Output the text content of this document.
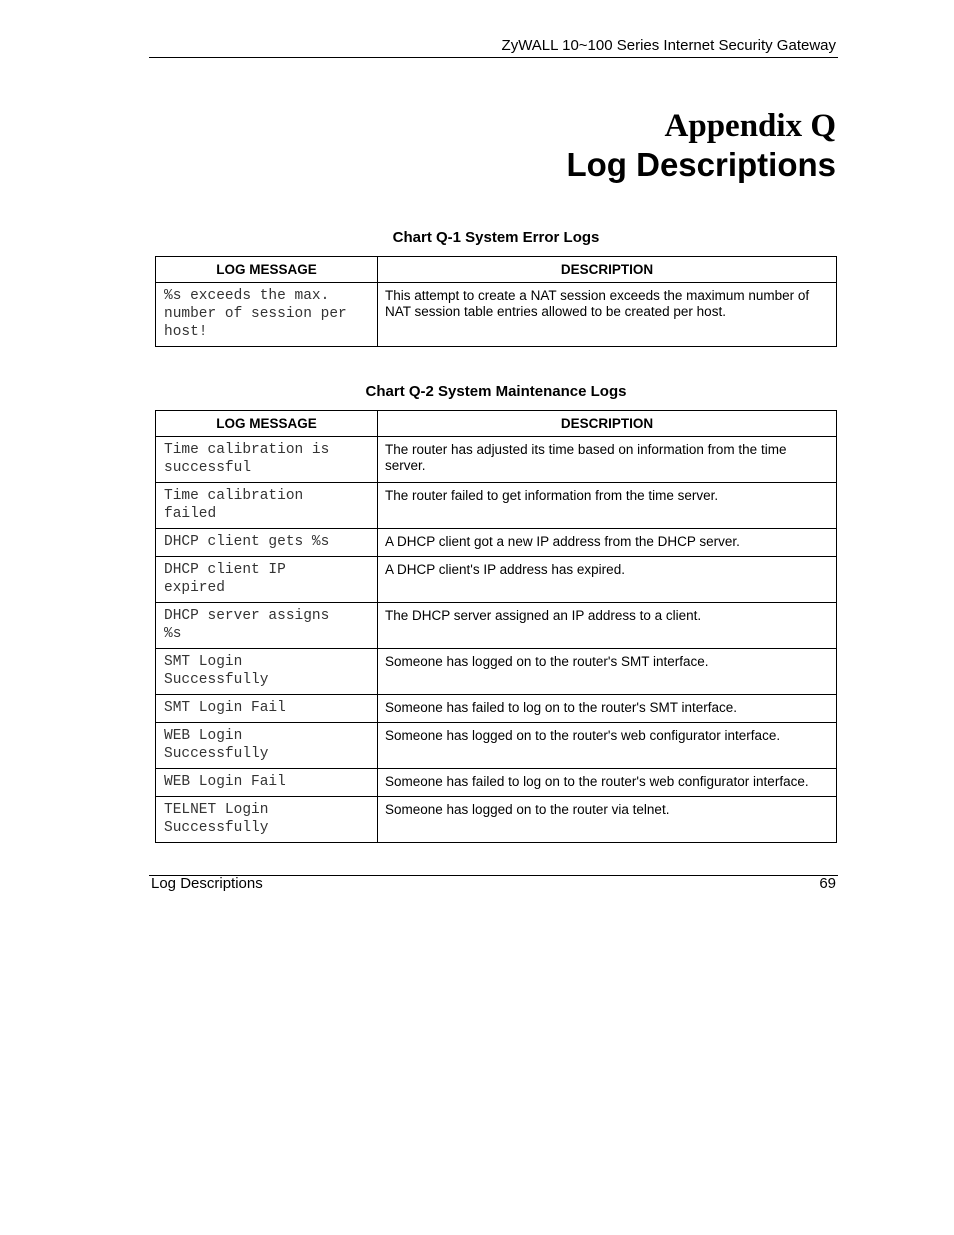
ZyWALL 10~100 Series Internet Security Gateway
Appendix Q
Log Descriptions
Chart Q-1 System Error Logs
LOG MESSAGE	DESCRIPTION
%s exceeds the max.
number of session per
host!	This attempt to create a NAT session exceeds the maximum number of NAT session table entries allowed to be created per host.
Chart Q-2 System Maintenance Logs
LOG MESSAGE	DESCRIPTION
Time calibration is
successful	The router has adjusted its time based on information from the time server.
Time calibration
failed	The router failed to get information from the time server.
DHCP client gets %s	A DHCP client got a new IP address from the DHCP server.
DHCP client IP
expired	A DHCP client's IP address has expired.
DHCP server assigns
%s	The DHCP server assigned an IP address to a client.
SMT Login
Successfully	Someone has logged on to the router's SMT interface.
SMT Login Fail	Someone has failed to log on to the router's SMT interface.
WEB Login
Successfully	Someone has logged on to the router's web configurator interface.
WEB Login Fail	Someone has failed to log on to the router's web configurator interface.
TELNET Login
Successfully	Someone has logged on to the router via telnet.
Log Descriptions	69
